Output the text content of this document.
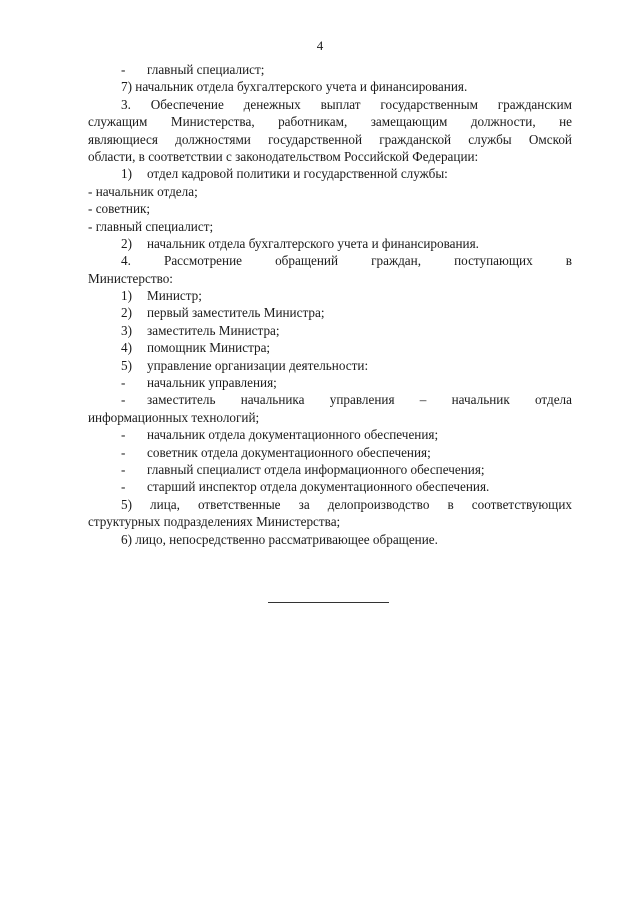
4
- главный специалист;
7) начальник отдела бухгалтерского учета и финансирования.
3. Обеспечение денежных выплат государственным гражданским
служащим Министерства, работникам, замещающим должности, не
являющиеся должностями государственной гражданской службы Омской
области, в соответствии с законодательством Российской Федерации:
1) отдел кадровой политики и государственной службы:
- начальник отдела;
- советник;
- главный специалист;
2) начальник отдела бухгалтерского учета и финансирования.
4. Рассмотрение обращений граждан, поступающих в
Министерство:
1) Министр;
2) первый заместитель Министра;
3) заместитель Министра;
4) помощник Министра;
5) управление организации деятельности:
- начальник управления;
-	заместитель начальника управления – начальник отдела
информационных технологий;
- начальник отдела документационного обеспечения;
- советник отдела документационного обеспечения;
- главный специалист отдела информационного обеспечения;
- старший инспектор отдела документационного обеспечения.
5) лица, ответственные за делопроизводство в соответствующих
структурных подразделениях Министерства;
6) лицо, непосредственно рассматривающее обращение.
